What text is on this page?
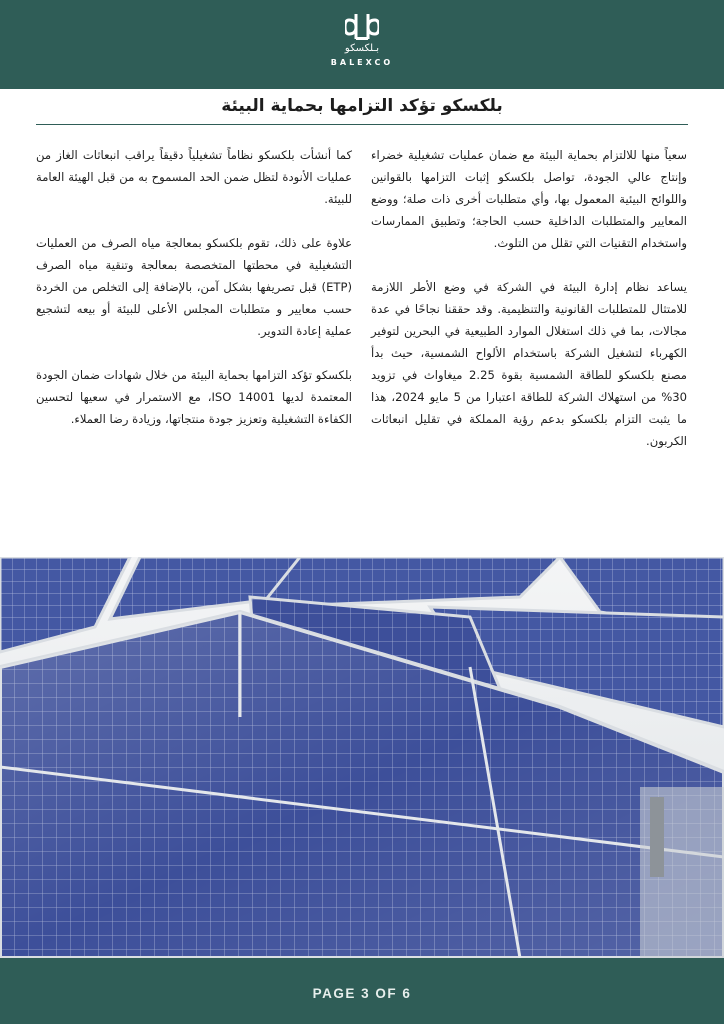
بـلكسكو
BALEXCO
بلكسكو تؤكد التزامها بحماية البيئة

سعياً منها للالتزام بحماية البيئة مع ضمان عمليات تشغيلية خضراء وإنتاج عالي الجودة، تواصل بلكسكو إثبات التزامها بالقوانين واللوائح البيئية المعمول بها، وأي متطلبات أخرى ذات صلة؛ ووضع المعايير والمتطلبات الداخلية حسب الحاجة؛ وتطبيق الممارسات واستخدام التقنيات التي تقلل من التلوث.

يساعد نظام إدارة البيئة في الشركة في وضع الأطر اللازمة للامتثال للمتطلبات القانونية والتنظيمية. وقد حققنا نجاحًا في عدة مجالات، بما في ذلك استغلال الموارد الطبيعية في البحرين لتوفير الكهرباء لتشغيل الشركة باستخدام الألواح الشمسية، حيث بدأ مصنع بلكسكو للطاقة الشمسية بقوة 2.25 ميغاواث في تزويد 30% من استهلاك الشركة للطاقة اعتبارا من 5 مايو 2024، هذا ما يثبت التزام بلكسكو بدعم رؤية المملكة في تقليل انبعاثات الكربون.

كما أنشأت بلكسكو نظاماً تشغيلياً دقيقاً يراقب انبعاثات الغاز من عمليات الأنودة لتظل ضمن الحد المسموح به من قبل الهيئة العامة للبيئة.

علاوة على ذلك، تقوم بلكسكو بمعالجة مياه الصرف من العمليات التشغيلية في محطتها المتخصصة بمعالجة وتنقية مياه الصرف (ETP) قبل تصريفها بشكل آمن، بالإضافة إلى التخلص من الخردة حسب معايير و متطلبات المجلس الأعلى للبيئة أو بيعه لتشجيع عملية إعادة التدوير.

بلكسكو تؤكد التزامها بحماية البيئة من خلال شهادات ضمان الجودة المعتمدة لديها ISO 14001، مع الاستمرار في سعيها لتحسين الكفاءة التشغيلية وتعزيز جودة منتجاتها، وزيادة رضا العملاء.

PAGE 3 OF 6
